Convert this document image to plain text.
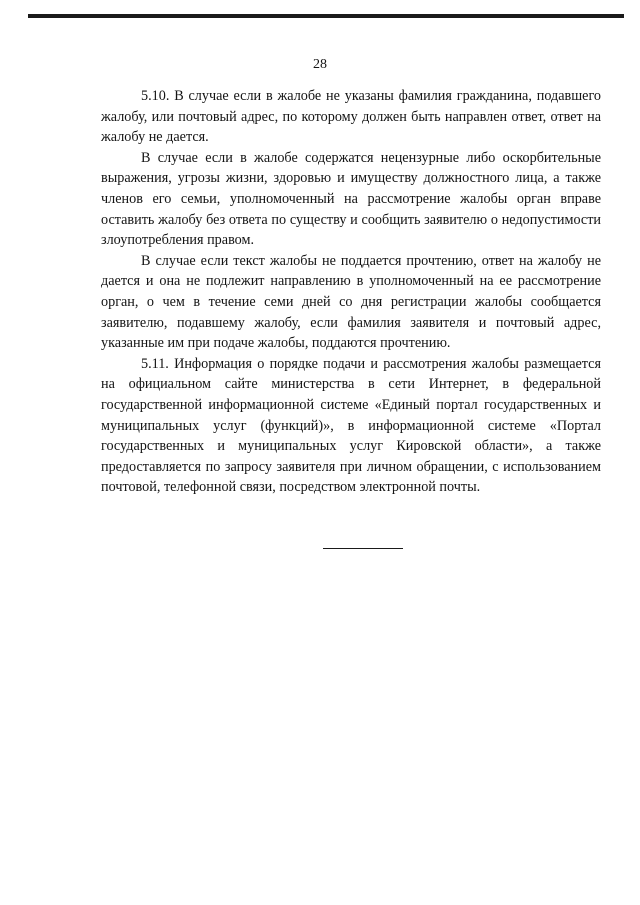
28

5.10. В случае если в жалобе не указаны фамилия гражданина, подавшего жалобу, или почтовый адрес, по которому должен быть направлен ответ, ответ на жалобу не дается.

В случае если в жалобе содержатся нецензурные либо оскорбительные выражения, угрозы жизни, здоровью и имуществу должностного лица, а также членов его семьи, уполномоченный на рассмотрение жалобы орган вправе оставить жалобу без ответа по существу и сообщить заявителю о недопустимости злоупотребления правом.

В случае если текст жалобы не поддается прочтению, ответ на жалобу не дается и она не подлежит направлению в уполномоченный на ее рассмотрение орган, о чем в течение семи дней со дня регистрации жалобы сообщается заявителю, подавшему жалобу, если фамилия заявителя и почтовый адрес, указанные им при подаче жалобы, поддаются прочтению.

5.11. Информация о порядке подачи и рассмотрения жалобы размещается на официальном сайте министерства в сети Интернет, в федеральной государственной информационной системе «Единый портал государственных и муниципальных услуг (функций)», в информационной системе «Портал государственных и муниципальных услуг Кировской области», а также предоставляется по запросу заявителя при личном обращении, с использованием почтовой, телефонной связи, посредством электронной почты.
